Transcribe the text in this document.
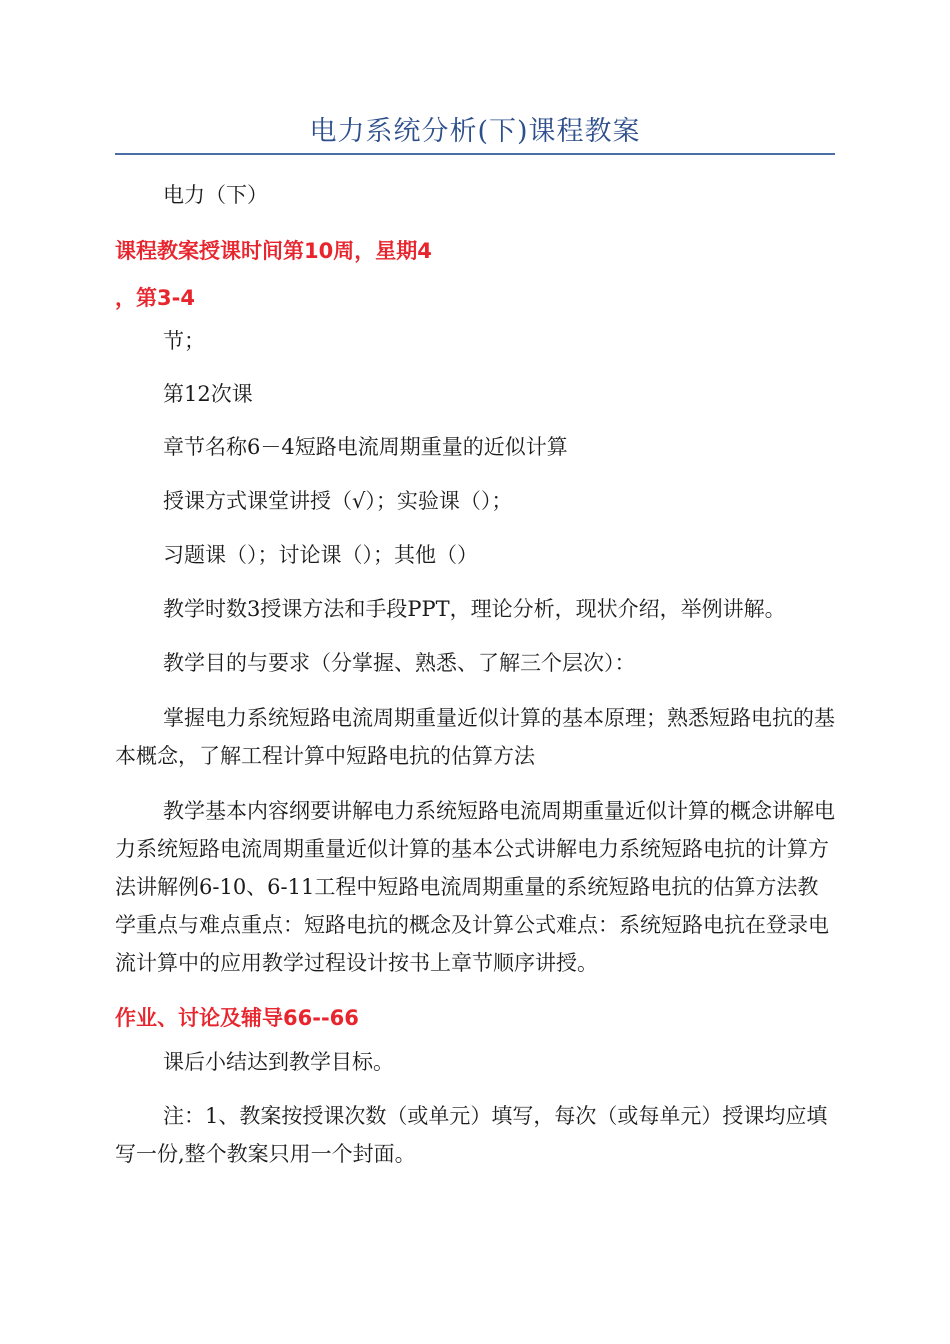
电力系统分析(下)课程教案

电力（下）

课程教案授课时间第10周，星期4

，第3-4

节；

第12次课

章节名称6－4短路电流周期重量的近似计算

授课方式课堂讲授（√）；实验课（）；

习题课（）；讨论课（）；其他（）

教学时数3授课方法和手段PPT，理论分析，现状介绍，举例讲解。

教学目的与要求（分掌握、熟悉、了解三个层次）：

掌握电力系统短路电流周期重量近似计算的基本原理；熟悉短路电抗的基本概念，了解工程计算中短路电抗的估算方法

教学基本内容纲要讲解电力系统短路电流周期重量近似计算的概念讲解电力系统短路电流周期重量近似计算的基本公式讲解电力系统短路电抗的计算方法讲解例6-10、6-11工程中短路电流周期重量的系统短路电抗的估算方法教学重点与难点重点：短路电抗的概念及计算公式难点：系统短路电抗在登录电流计算中的应用教学过程设计按书上章节顺序讲授。

作业、讨论及辅导66--66

课后小结达到教学目标。

注：1、教案按授课次数（或单元）填写，每次（或每单元）授课均应填写一份,整个教案只用一个封面。
